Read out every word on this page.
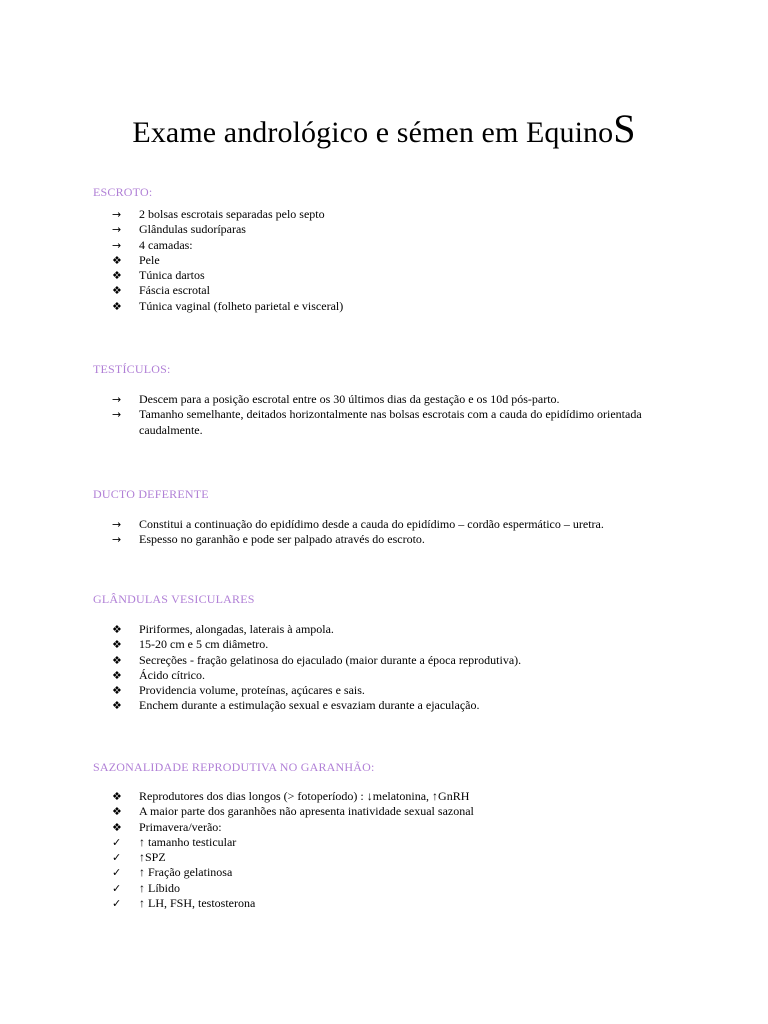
Exame andrológico e sémen em EquinoS
ESCROTO:
→	2 bolsas escrotais separadas pelo septo
→	Glândulas sudoríparas
→	4 camadas:
❖	Pele
❖	Túnica dartos
❖	Fáscia escrotal
❖	Túnica vaginal (folheto parietal e visceral)
TESTÍCULOS:
→	Descem para a posição escrotal entre os 30 últimos dias da gestação e os 10d pós-parto.
→	Tamanho semelhante, deitados horizontalmente nas bolsas escrotais com a cauda do epidídimo orientada caudalmente.
DUCTO DEFERENTE
→	Constitui a continuação do epidídimo desde a cauda do epidídimo – cordão espermático – uretra.
→	Espesso no garanhão e pode ser palpado através do escroto.
GLÂNDULAS VESICULARES
❖	Piriformes, alongadas, laterais à ampola.
❖	15-20 cm e 5 cm diâmetro.
❖	Secreções - fração gelatinosa do ejaculado (maior durante a época reprodutiva).
❖	Ácido cítrico.
❖	Providencia volume, proteínas, açúcares e sais.
❖	Enchem durante a estimulação sexual e esvaziam durante a ejaculação.
SAZONALIDADE REPRODUTIVA NO GARANHÃO:
❖	Reprodutores dos dias longos (> fotoperíodo) : ↓melatonina, ↑GnRH
❖	A maior parte dos garanhões não apresenta inatividade sexual sazonal
❖	Primavera/verão:
✓	↑ tamanho testicular
✓	↑SPZ
✓	↑ Fração gelatinosa
✓	↑ Líbido
✓	↑ LH, FSH, testosterona
